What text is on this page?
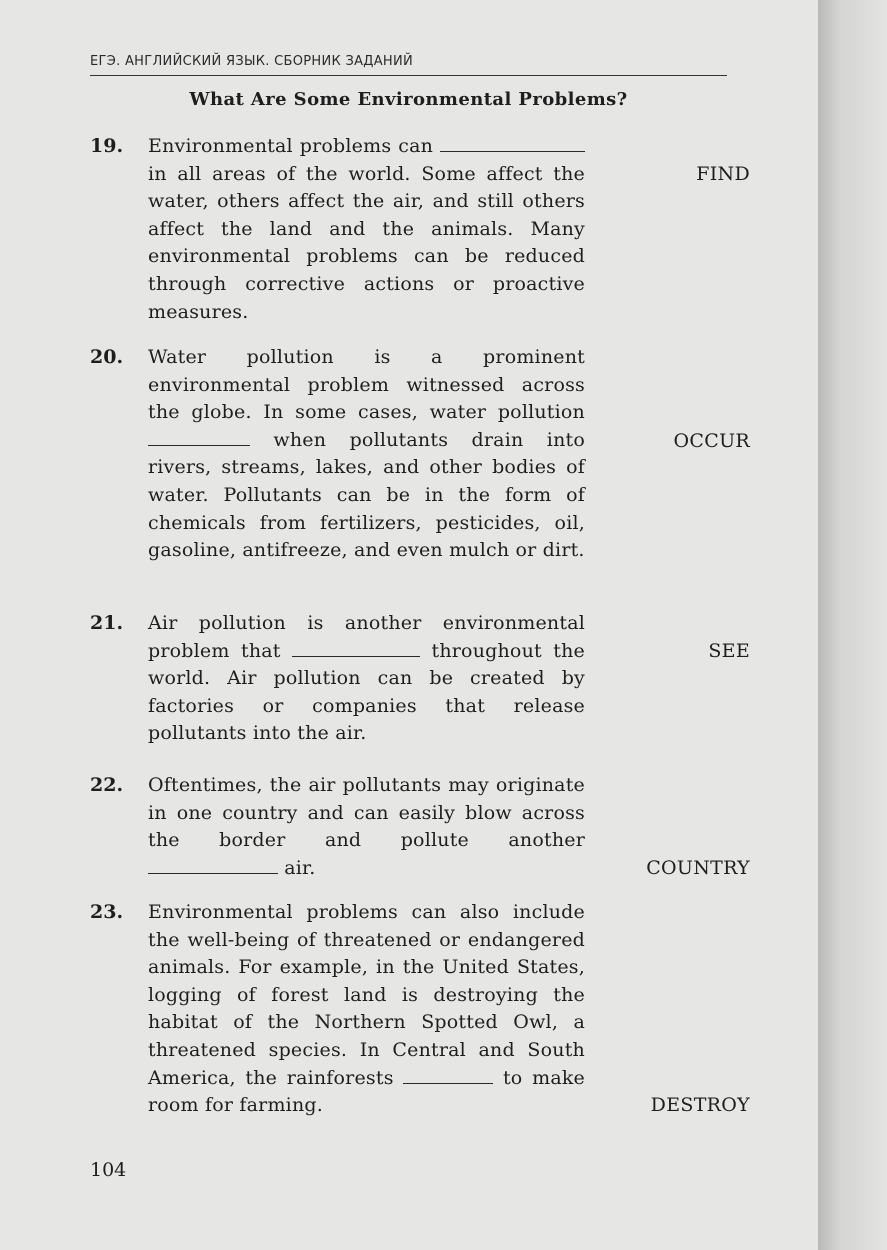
ЕГЭ. АНГЛИЙСКИЙ ЯЗЫК. СБОРНИК ЗАДАНИЙ
What Are Some Environmental Problems?
19.	Environmental problems can in all areas of the world. Some affect the water, others affect the air, and still others affect the land and the animals. Many environmental problems can be reduced through corrective actions or proactive measures.
FIND
20.	Water pollution is a prominent environmental problem witnessed across the globe. In some cases, water pollution  when pollutants drain into rivers, streams, lakes, and other bodies of water. Pollutants can be in the form of chemicals from fertilizers, pesticides, oil, gasoline, antifreeze, and even mulch or dirt.
OCCUR
21.	Air pollution is another environmental problem that	throughout the world. Air pollution can be created by factories or companies that release pollutants into the air.
SEE
22.	Oftentimes, the air pollutants may originate in one country and can easily blow across the border and pollute another  air.	COUNTRY
23.	Environmental problems can also include the well-being of threatened or endangered animals. For example, in the United States, logging of forest land is destroying the habitat of the Northern Spotted Owl, a threatened species. In Central and South America, the rainforests	to make room for farming.	DESTROY
104
